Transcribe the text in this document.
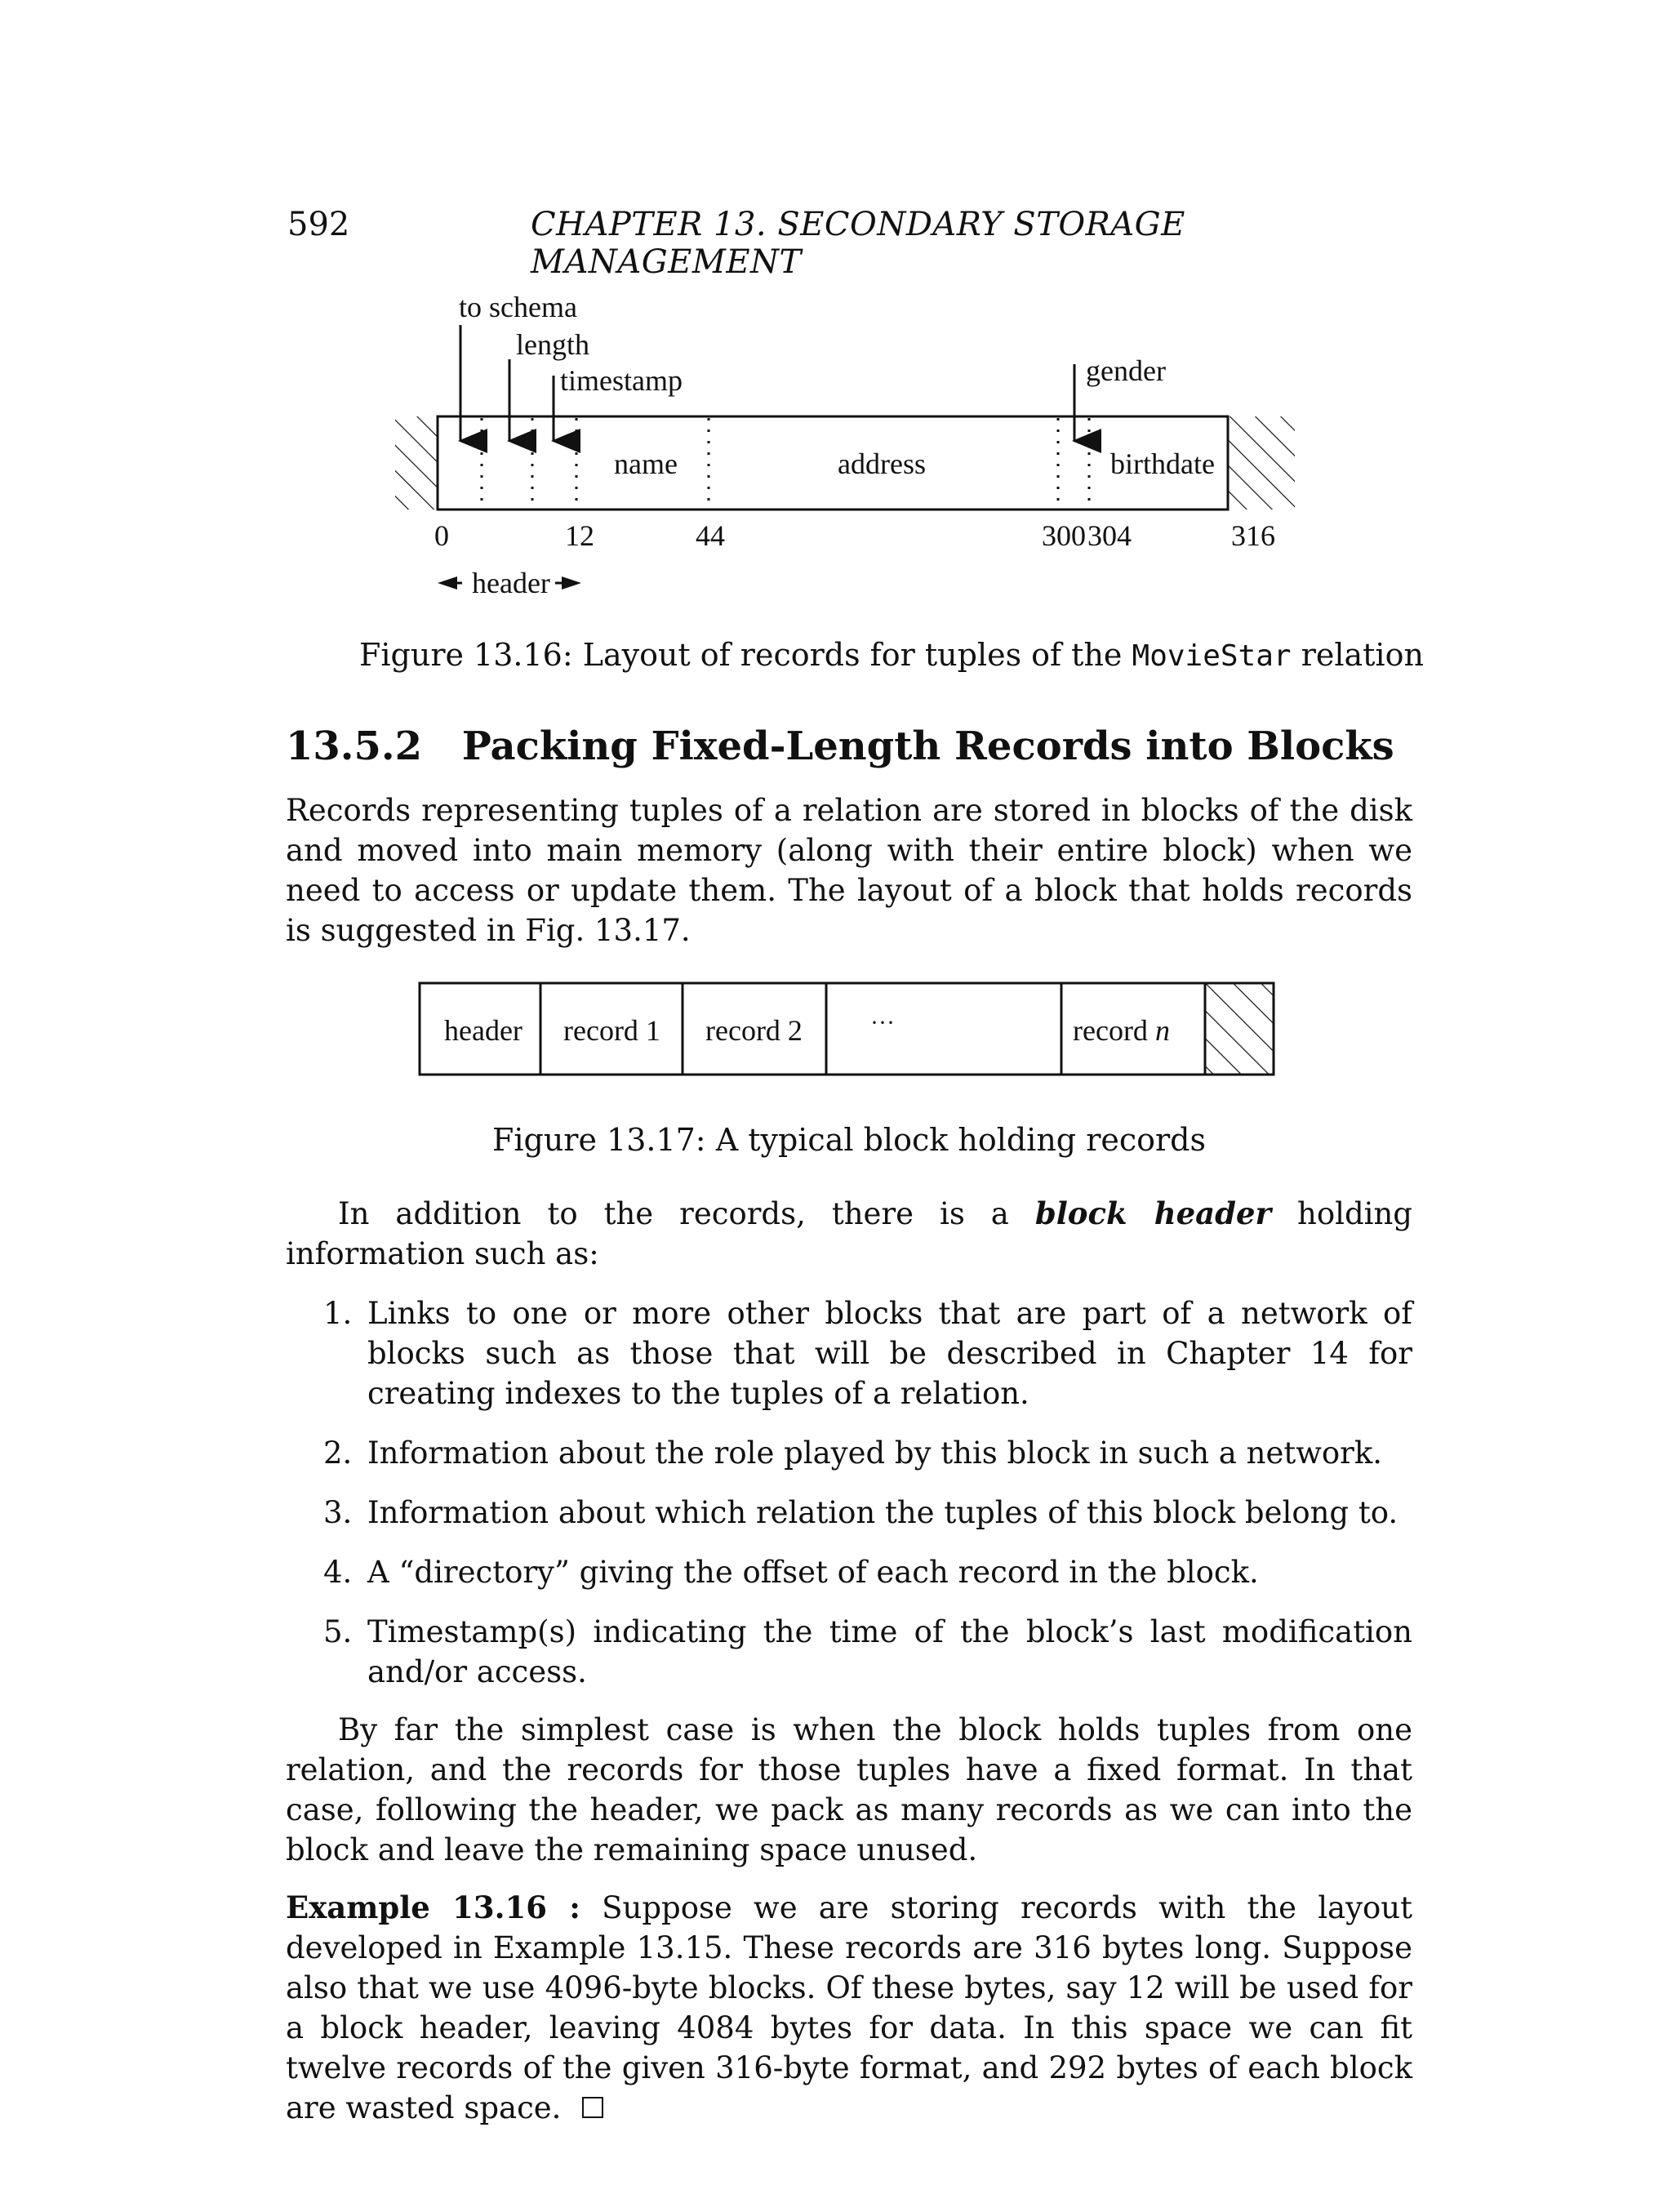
592	CHAPTER 13. SECONDARY STORAGE MANAGEMENT
to schema
length
timestamp	gender
name	address	birthdate
0	12	44	300 304	316
header
Figure 13.16: Layout of records for tuples of the MovieStar relation
13.5.2 Packing Fixed-Length Records into Blocks

Records representing tuples of a relation are stored in blocks of the disk and moved into main memory (along with their entire block) when we need to access or update them. The layout of a block that holds records is suggested in Fig. 13.17.

header record 1 record 2	···	record n
Figure 13.17: A typical block holding records

In addition to the records, there is a block header holding information such as:

1. Links to one or more other blocks that are part of a network of blocks such as those that will be described in Chapter 14 for creating indexes to the tuples of a relation.
2. Information about the role played by this block in such a network.
3. Information about which relation the tuples of this block belong to.
4. A “directory” giving the offset of each record in the block.
5. Timestamp(s) indicating the time of the block’s last modification and/or access.

By far the simplest case is when the block holds tuples from one relation, and the records for those tuples have a fixed format. In that case, following the header, we pack as many records as we can into the block and leave the remaining space unused.

Example 13.16 : Suppose we are storing records with the layout developed in Example 13.15. These records are 316 bytes long. Suppose also that we use 4096-byte blocks. Of these bytes, say 12 will be used for a block header, leaving 4084 bytes for data. In this space we can fit twelve records of the given 316-byte format, and 292 bytes of each block are wasted space.
